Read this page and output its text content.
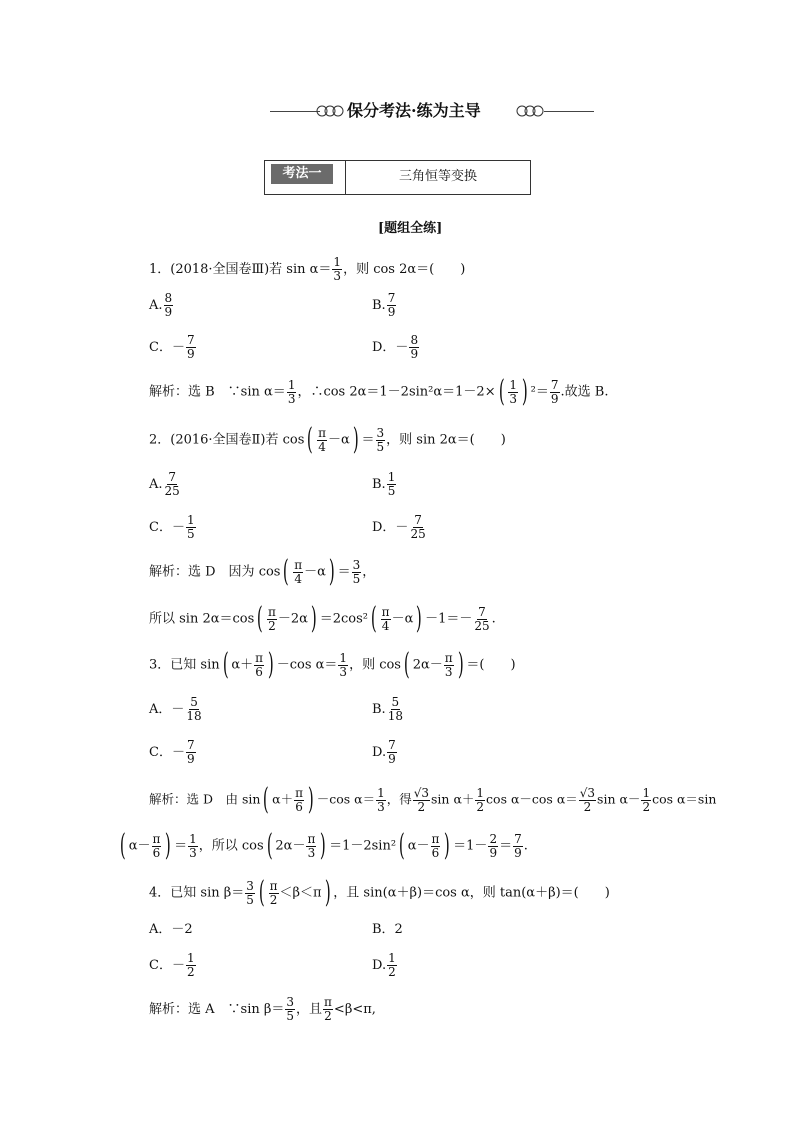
保分考法·练为主导
考法一	三角恒等变换
[题组全练]
1．(2018·全国卷Ⅲ)若 $\sin \alpha= \frac{1}{3}$ ，则 cos 2α＝(　　)
A. $\frac{8}{9}$	B. $\frac{7}{9}$
C．－ $\frac{7}{9}$	D．－ $\frac{8}{9}$
解析：选 B　∵sin $\alpha= \frac{1}{3}$ ，∴cos $2\alpha=1-2\sin^2\alpha=1-2\times( \frac{1}{3}$ ) $^2= \frac{7}{9}$ .故选 B.
2．(2016·全国卷Ⅱ)若 $\cos( \frac{\pi}{4} -\alpha) = \frac{3}{5}$ ，则 sin 2α＝(　　)
A. $\frac{7}{25}$	B. $\frac{1}{5}$
C．－ $\frac{1}{5}$	D．－ $\frac{7}{25}$
解析：选 D　因为 $\cos( \frac{\pi}{4} -\alpha) = \frac{3}{5}$ ，
所以 $\sin 2\alpha=\cos( \frac{\pi}{2} -2\alpha) =2\cos^2( \frac{\pi}{4} -\alpha) -1=- \frac{7}{25}$ .
3．已知 sin( $\alpha+ \frac{\pi}{6}$ ) －cos $\alpha= \frac{1}{3}$ ，则 cos( $2\alpha- \frac{\pi}{3}$ ) ＝(　　)
A．－ $\frac{5}{18}$	B. $\frac{5}{18}$
C．－ $\frac{7}{9}$	D. $\frac{7}{9}$
解析：选 D　由 sin( $\alpha+ \frac{\pi}{6}$ ) －cos $\alpha= \frac{1}{3}$ ，得 $\frac{√3}{2}$ $\sin \alpha+ \frac{1}{2}$ cos α－cos $\alpha= \frac{√3}{2}$ $\sin \alpha- \frac{1}{2}$ cos α＝sin
( $\alpha- \frac{\pi}{6}$ ) ＝ $\frac{1}{3}$ ，所以 cos( $2\alpha- \frac{\pi}{3}$ ) ＝1－2sin²( $\alpha- \frac{\pi}{6}$ ) $=1- \frac{2}{9} = \frac{7}{9}$ .
4．已知 $\sin \beta= \frac{3}{5}$ ( $\frac{\pi}{2} <\beta<\pi$) ，且 sin(α＋β)＝cos α，则 tan(α＋β)＝(　　)
A．－2	B．2
C．－ $\frac{1}{2}$	D. $\frac{1}{2}$
解析：选 A　∵sin $\beta= \frac{3}{5}$ ，且 $\frac{\pi}{2} <\beta<\pi$,
